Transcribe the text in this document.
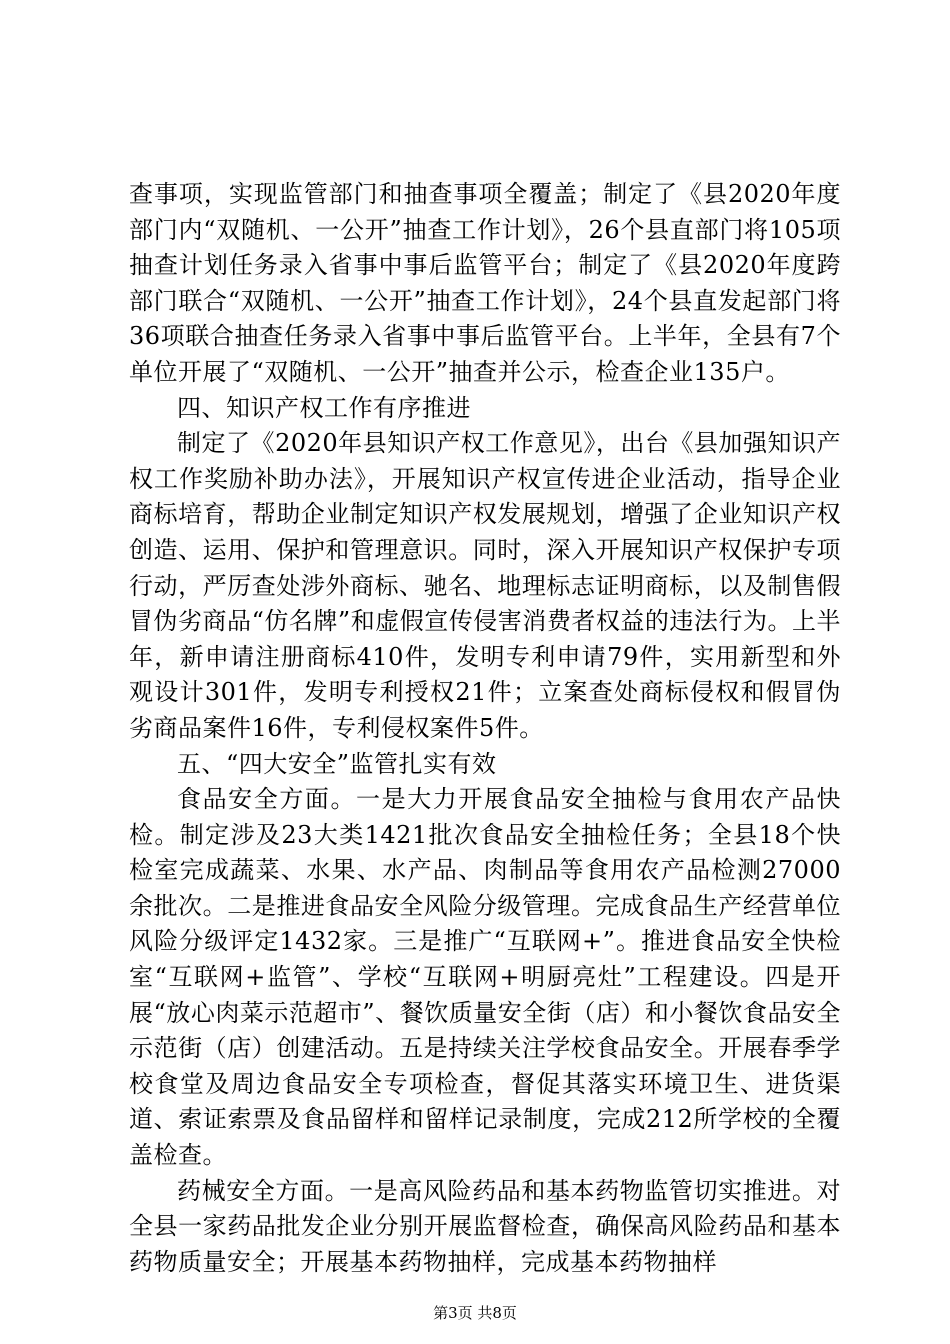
查事项，实现监管部门和抽查事项全覆盖；制定了《县2020年度部门内“双随机、一公开”抽查工作计划》，26个县直部门将105项抽查计划任务录入省事中事后监管平台；制定了《县2020年度跨部门联合“双随机、一公开”抽查工作计划》，24个县直发起部门将36项联合抽查任务录入省事中事后监管平台。上半年，全县有7个单位开展了“双随机、一公开”抽查并公示，检查企业135户。

四、知识产权工作有序推进

制定了《2020年县知识产权工作意见》，出台《县加强知识产权工作奖励补助办法》，开展知识产权宣传进企业活动，指导企业商标培育，帮助企业制定知识产权发展规划，增强了企业知识产权创造、运用、保护和管理意识。同时，深入开展知识产权保护专项行动，严厉查处涉外商标、驰名、地理标志证明商标，以及制售假冒伪劣商品“仿名牌”和虚假宣传侵害消费者权益的违法行为。上半年，新申请注册商标410件，发明专利申请79件，实用新型和外观设计301件，发明专利授权21件；立案查处商标侵权和假冒伪劣商品案件16件，专利侵权案件5件。

五、“四大安全”监管扎实有效

食品安全方面。一是大力开展食品安全抽检与食用农产品快检。制定涉及23大类1421批次食品安全抽检任务；全县18个快检室完成蔬菜、水果、水产品、肉制品等食用农产品检测27000余批次。二是推进食品安全风险分级管理。完成食品生产经营单位风险分级评定1432家。三是推广“互联网+”。推进食品安全快检室“互联网+监管”、学校“互联网+明厨亮灶”工程建设。四是开展“放心肉菜示范超市”、餐饮质量安全街（店）和小餐饮食品安全示范街（店）创建活动。五是持续关注学校食品安全。开展春季学校食堂及周边食品安全专项检查，督促其落实环境卫生、进货渠道、索证索票及食品留样和留样记录制度，完成212所学校的全覆盖检查。

药械安全方面。一是高风险药品和基本药物监管切实推进。对全县一家药品批发企业分别开展监督检查，确保高风险药品和基本药物质量安全；开展基本药物抽样，完成基本药物抽样

第3页 共8页
